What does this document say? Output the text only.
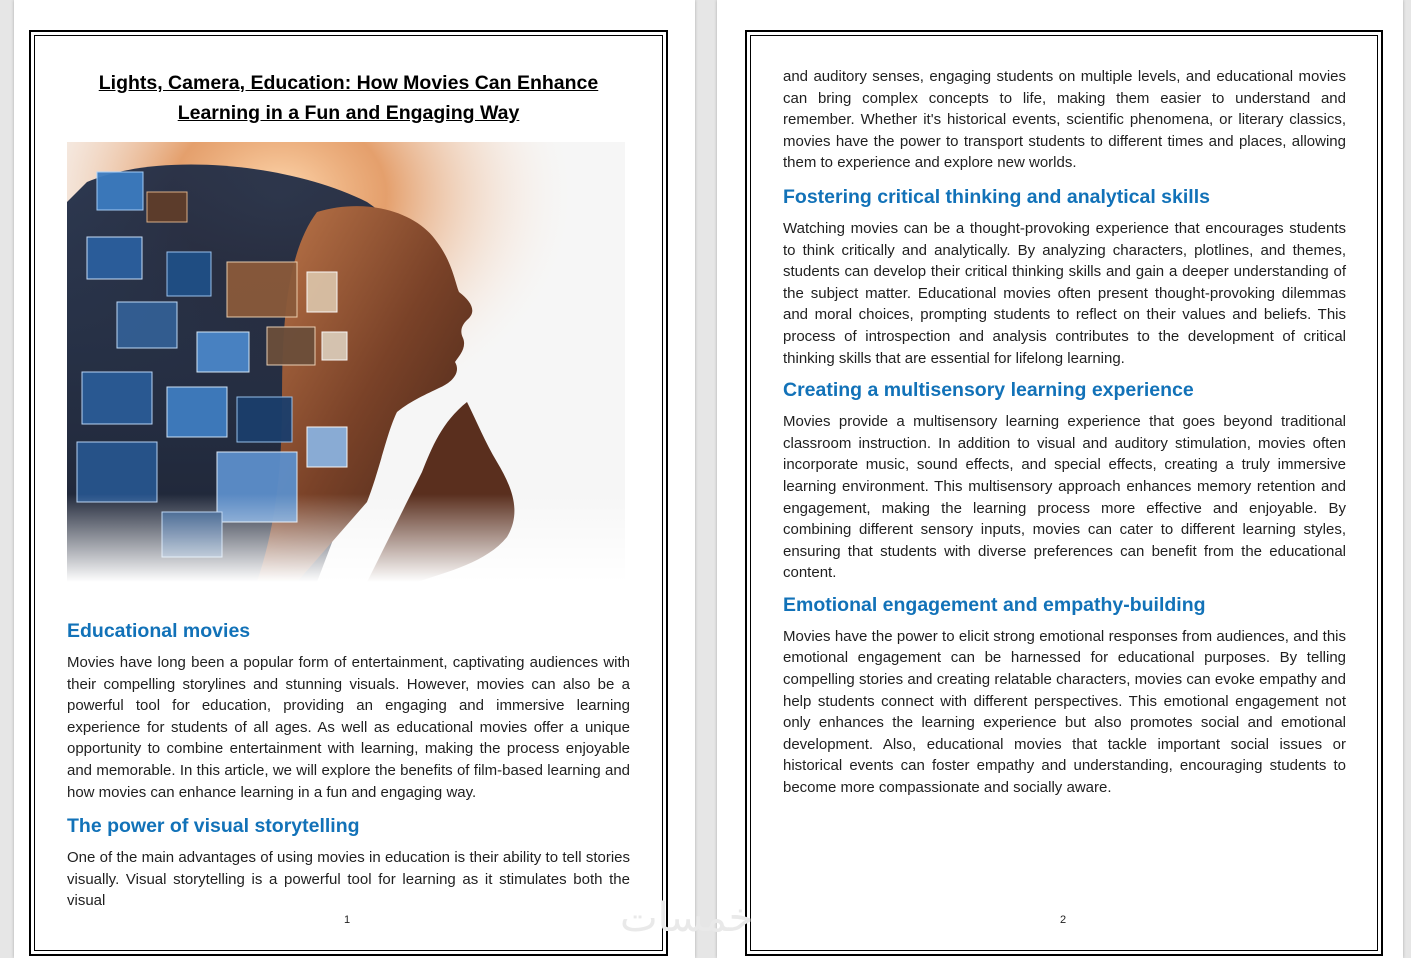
Lights, Camera, Education: How Movies Can Enhance
Learning in a Fun and Engaging Way
Educational movies

Movies have long been a popular form of entertainment, captivating audiences with their compelling storylines and stunning visuals. However, movies can also be a powerful tool for education, providing an engaging and immersive learning experience for students of all ages. As well as educational movies offer a unique opportunity to combine entertainment with learning, making the process enjoyable and memorable. In this article, we will explore the benefits of film-based learning and how movies can enhance learning in a fun and engaging way.

The power of visual storytelling

One of the main advantages of using movies in education is their ability to tell stories visually. Visual storytelling is a powerful tool for learning as it stimulates both the visual

1

and auditory senses, engaging students on multiple levels, and educational movies can bring complex concepts to life, making them easier to understand and remember. Whether it's historical events, scientific phenomena, or literary classics, movies have the power to transport students to different times and places, allowing them to experience and explore new worlds.

Fostering critical thinking and analytical skills

Watching movies can be a thought-provoking experience that encourages students to think critically and analytically. By analyzing characters, plotlines, and themes, students can develop their critical thinking skills and gain a deeper understanding of the subject matter. Educational movies often present thought-provoking dilemmas and moral choices, prompting students to reflect on their values and beliefs. This process of introspection and analysis contributes to the development of critical thinking skills that are essential for lifelong learning.

Creating a multisensory learning experience

Movies provide a multisensory learning experience that goes beyond traditional classroom instruction. In addition to visual and auditory stimulation, movies often incorporate music, sound effects, and special effects, creating a truly immersive learning environment. This multisensory approach enhances memory retention and engagement, making the learning process more effective and enjoyable. By combining different sensory inputs, movies can cater to different learning styles, ensuring that students with diverse preferences can benefit from the educational content.

Emotional engagement and empathy-building

Movies have the power to elicit strong emotional responses from audiences, and this emotional engagement can be harnessed for educational purposes. By telling compelling stories and creating relatable characters, movies can evoke empathy and help students connect with different perspectives. This emotional engagement not only enhances the learning experience but also promotes social and emotional development. Also, educational movies that tackle important social issues or historical events can foster empathy and understanding, encouraging students to become more compassionate and socially aware.

2
خمسات
